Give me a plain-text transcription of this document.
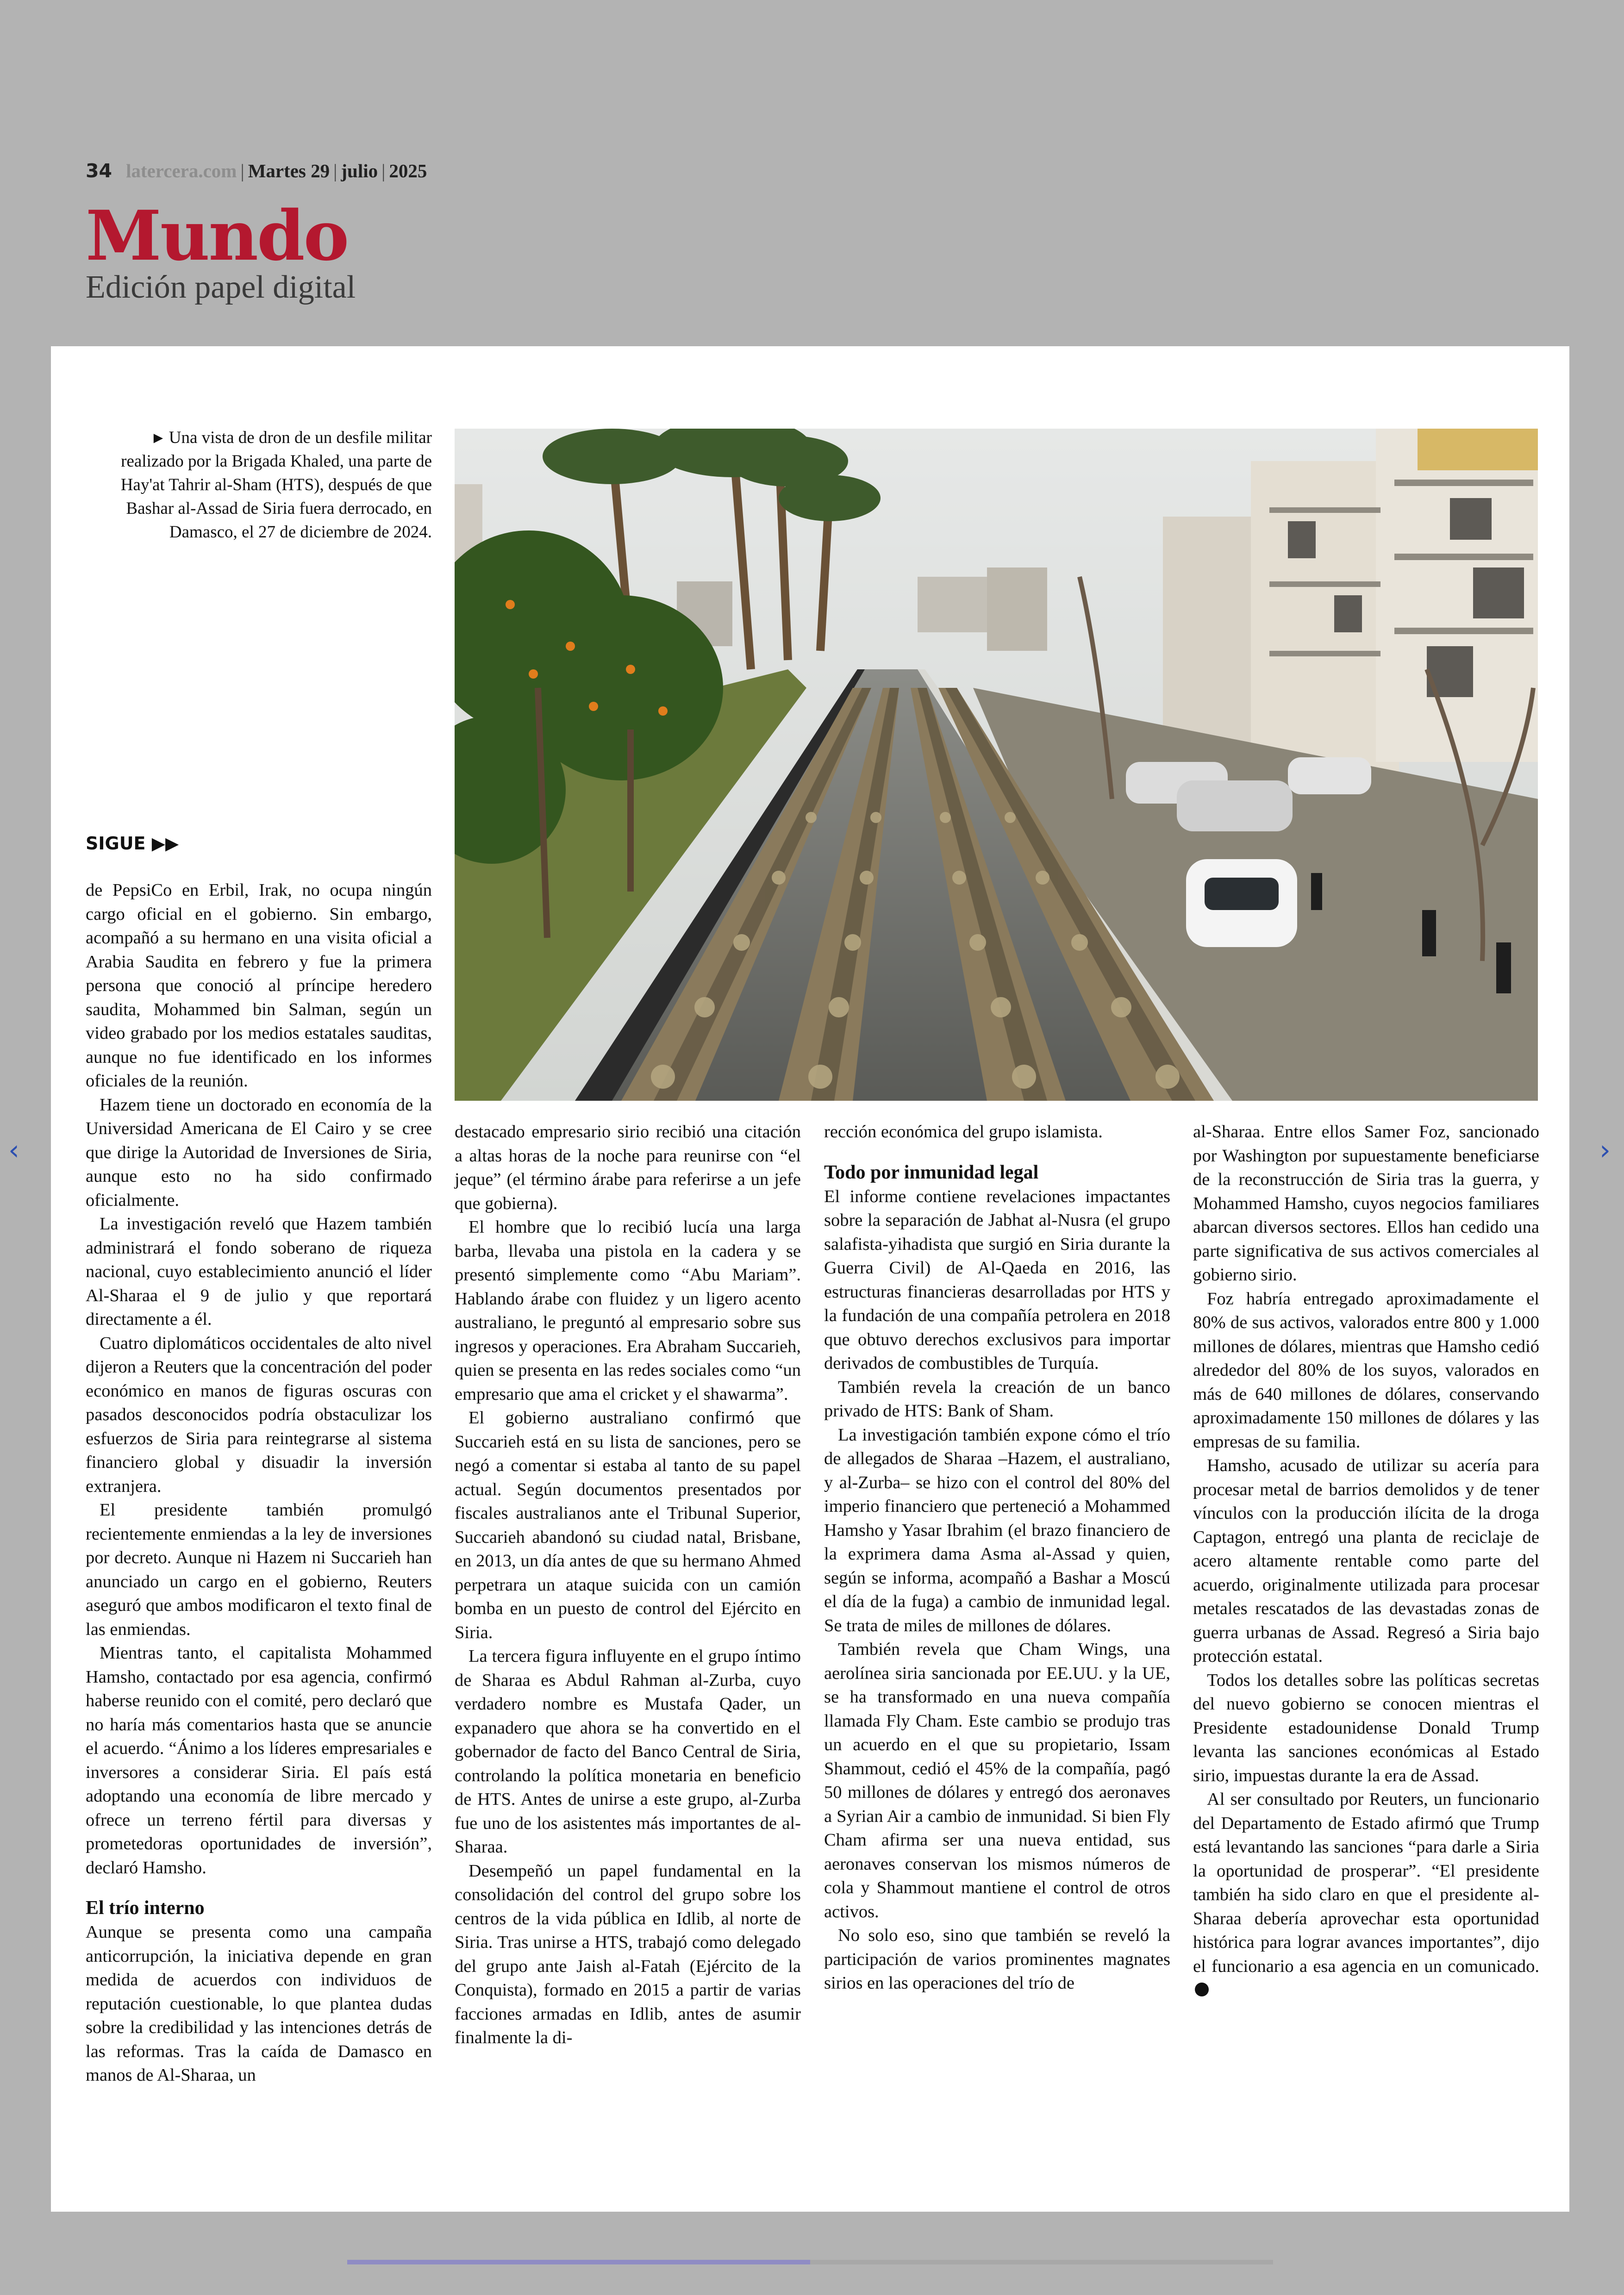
34 latercera.com | Martes 29 | julio | 2025
Mundo
Edición papel digital
► Una vista de dron de un desfile militar realizado por la Brigada Khaled, una parte de Hay'at Tahrir al-Sham (HTS), después de que Bashar al-Assad de Siria fuera derrocado, en Damasco, el 27 de diciembre de 2024.
SIGUE ▶▶

de PepsiCo en Erbil, Irak, no ocupa ningún cargo oficial en el gobierno. Sin embargo, acompañó a su hermano en una visita oficial a Arabia Saudita en febrero y fue la primera persona que conoció al príncipe heredero saudita, Mohammed bin Salman, según un video grabado por los medios estatales sauditas, aunque no fue identificado en los informes oficiales de la reunión.

Hazem tiene un doctorado en economía de la Universidad Americana de El Cairo y se cree que dirige la Autoridad de Inversiones de Siria, aunque esto no ha sido confirmado oficialmente.

La investigación reveló que Hazem también administrará el fondo soberano de riqueza nacional, cuyo establecimiento anunció el líder Al-Sharaa el 9 de julio y que reportará directamente a él.

Cuatro diplomáticos occidentales de alto nivel dijeron a Reuters que la concentración del poder económico en manos de figuras oscuras con pasados desconocidos podría obstaculizar los esfuerzos de Siria para reintegrarse al sistema financiero global y disuadir la inversión extranjera.

El presidente también promulgó recientemente enmiendas a la ley de inversiones por decreto. Aunque ni Hazem ni Succarieh han anunciado un cargo en el gobierno, Reuters aseguró que ambos modificaron el texto final de las enmiendas.

Mientras tanto, el capitalista Mohammed Hamsho, contactado por esa agencia, confirmó haberse reunido con el comité, pero declaró que no haría más comentarios hasta que se anuncie el acuerdo. “Ánimo a los líderes empresariales e inversores a considerar Siria. El país está adoptando una economía de libre mercado y ofrece un terreno fértil para diversas y prometedoras oportunidades de inversión”, declaró Hamsho.

El trío interno

Aunque se presenta como una campaña anticorrupción, la iniciativa depende en gran medida de acuerdos con individuos de reputación cuestionable, lo que plantea dudas sobre la credibilidad y las intenciones detrás de las reformas. Tras la caída de Damasco en manos de Al-Sharaa, un

destacado empresario sirio recibió una citación a altas horas de la noche para reunirse con “el jeque” (el término árabe para referirse a un jefe que gobierna).

El hombre que lo recibió lucía una larga barba, llevaba una pistola en la cadera y se presentó simplemente como “Abu Mariam”. Hablando árabe con fluidez y un ligero acento australiano, le preguntó al empresario sobre sus ingresos y operaciones. Era Abraham Succarieh, quien se presenta en las redes sociales como “un empresario que ama el cricket y el shawarma”.

El gobierno australiano confirmó que Succarieh está en su lista de sanciones, pero se negó a comentar si estaba al tanto de su papel actual. Según documentos presentados por fiscales australianos ante el Tribunal Superior, Succarieh abandonó su ciudad natal, Brisbane, en 2013, un día antes de que su hermano Ahmed perpetrara un ataque suicida con un camión bomba en un puesto de control del Ejército en Siria.

La tercera figura influyente en el grupo íntimo de Sharaa es Abdul Rahman al-Zurba, cuyo verdadero nombre es Mustafa Qader, un expanadero que ahora se ha convertido en el gobernador de facto del Banco Central de Siria, controlando la política monetaria en beneficio de HTS. Antes de unirse a este grupo, al-Zurba fue uno de los asistentes más importantes de al-Sharaa.

Desempeñó un papel fundamental en la consolidación del control del grupo sobre los centros de la vida pública en Idlib, al norte de Siria. Tras unirse a HTS, trabajó como delegado del grupo ante Jaish al-Fatah (Ejército de la Conquista), formado en 2015 a partir de varias facciones armadas en Idlib, antes de asumir finalmente la di-

rección económica del grupo islamista.

Todo por inmunidad legal

El informe contiene revelaciones impactantes sobre la separación de Jabhat al-Nusra (el grupo salafista-yihadista que surgió en Siria durante la Guerra Civil) de Al-Qaeda en 2016, las estructuras financieras desarrolladas por HTS y la fundación de una compañía petrolera en 2018 que obtuvo derechos exclusivos para importar derivados de combustibles de Turquía.

También revela la creación de un banco privado de HTS: Bank of Sham.

La investigación también expone cómo el trío de allegados de Sharaa –Hazem, el australiano, y al-Zurba– se hizo con el control del 80% del imperio financiero que perteneció a Mohammed Hamsho y Yasar Ibrahim (el brazo financiero de la exprimera dama Asma al-Assad y quien, según se informa, acompañó a Bashar a Moscú el día de la fuga) a cambio de inmunidad legal. Se trata de miles de millones de dólares.

También revela que Cham Wings, una aerolínea siria sancionada por EE.UU. y la UE, se ha transformado en una nueva compañía llamada Fly Cham. Este cambio se produjo tras un acuerdo en el que su propietario, Issam Shammout, cedió el 45% de la compañía, pagó 50 millones de dólares y entregó dos aeronaves a Syrian Air a cambio de inmunidad. Si bien Fly Cham afirma ser una nueva entidad, sus aeronaves conservan los mismos números de cola y Shammout mantiene el control de otros activos.

No solo eso, sino que también se reveló la participación de varios prominentes magnates sirios en las operaciones del trío de

al-Sharaa. Entre ellos Samer Foz, sancionado por Washington por supuestamente beneficiarse de la reconstrucción de Siria tras la guerra, y Mohammed Hamsho, cuyos negocios familiares abarcan diversos sectores. Ellos han cedido una parte significativa de sus activos comerciales al gobierno sirio.

Foz habría entregado aproximadamente el 80% de sus activos, valorados entre 800 y 1.000 millones de dólares, mientras que Hamsho cedió alrededor del 80% de los suyos, valorados en más de 640 millones de dólares, conservando aproximadamente 150 millones de dólares y las empresas de su familia.

Hamsho, acusado de utilizar su acería para procesar metal de barrios demolidos y de tener vínculos con la producción ilícita de la droga Captagon, entregó una planta de reciclaje de acero altamente rentable como parte del acuerdo, originalmente utilizada para procesar metales rescatados de las devastadas zonas de guerra urbanas de Assad. Regresó a Siria bajo protección estatal.

Todos los detalles sobre las políticas secretas del nuevo gobierno se conocen mientras el Presidente estadounidense Donald Trump levanta las sanciones económicas al Estado sirio, impuestas durante la era de Assad.

Al ser consultado por Reuters, un funcionario del Departamento de Estado afirmó que Trump está levantando las sanciones “para darle a Siria la oportunidad de prosperar”. “El presidente también ha sido claro en que el presidente al-Sharaa debería aprovechar esta oportunidad histórica para lograr avances importantes”, dijo el funcionario a esa agencia en un comunicado.

‹	›
